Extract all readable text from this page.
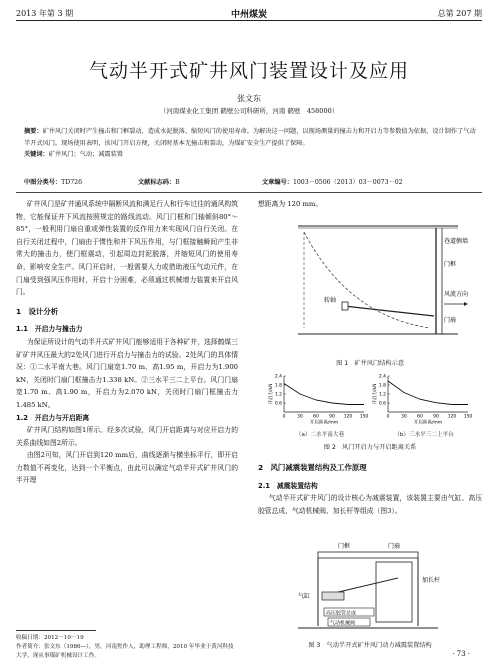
2013 年第 3 期	中州煤炭	总第 207 期
气动半开式矿井风门装置设计及应用
张文东
（河南煤业化工集团 鹤壁公司科研所，河南 鹤壁　458000）
摘要：矿井风门关闭时产生撞击和门框裂动，造成水泥脱落、缩短风门的使用寿命。为解决这一问题，以现场测量的撞击力和开启力等参数值为依据，设计制作了气动半开式风门。现场使用表明，该风门开启方便，关闭时基本无撞击和裂动，为煤矿安全生产提供了保障。
关键词：矿井风门；气动；减震装置
中图分类号：TD726	文献标志码：B	文章编号：1003－0506（2013）03－0073－02

矿井风门是矿井通风系统中隔断风流和满足行人和行车过往的通风构筑物，它能保证井下风流按照规定的路线流动。风门门框和门轴倾斜80°～85°，一般利用门扇自重或弹性装置的反作用力来实现风门自行关闭。在自行关闭过程中，门扇由于惯性和井下风压作用，与门框接触瞬间产生非常大的撞击力，使门框震动，引起周边封泥脱落，并缩短风门的使用寿命，影响安全生产。风门开启时，一般需要人力或借助液压气动元件，在门扇受到强风压作用时，开启十分困难，必须通过机械增力装置来开启风门。

1　设计分析
1.1　开启力与撞击力

为保证所设计的气动半开式矿井风门能够适用于各种矿井，选择鹤煤三矿矿井风压最大的2处风门进行开启力与撞击力的试验。2处风门的具体情况：①二水平南大巷。风门门扇宽1.70 m、高1.95 m，开启力为1.900 kN，关闭时门扇门框撞击力1.338 kN。②三水平三二上平台。风门门扇宽1.70 m、高1.90 m，开启力为2.070 kN，关闭时门扇门框撞击力1.485 kN。

1.2　开启力与开启距离

矿井风门结构如图1所示。经多次试验，风门开启距离与对应开启力的关系曲线如图2所示。

由图2可知，风门开启到120 mm后，曲线逐渐与横坐标平行，即开启力数值不再变化，达到一个平衡点，由此可以确定气动半开式矿井风门的半开理

收稿日期：2012－10－19
作者简介：张文东（1986—），男，河南焦作人，助理工程师，2010 年毕业于黄河科技大学，现从事煤矿机械设计工作。
想距离为 120 mm。
巷道侧墙
门框
风流方向
转轴
门扇
图 1　矿井风门结构示意
0.6
1.2
1.8
2.4
0	30 60 90 120 150
开启距离/mm
开启力/kN	0.6
1.2
1.8
2.4
0	30 60 90 120 150
开启距离/mm
开启力/kN
（a）二水平南大巷	（b）三水平三二上平台
图 2　风门开启力与开启距离关系
2　风门减震装置结构及工作原理
2.1　减震装置结构

气动半开式矿井风门的设计核心为减震装置，该装置主要由气缸、高压胶管总成、气动机械阀、加长杆等组成（图3）。

门框	门扇
加长杆
气缸
高压胶管总成
气动机械阀
图 3　气动半开式矿井风门动力减震装置结构
· 73 ·
